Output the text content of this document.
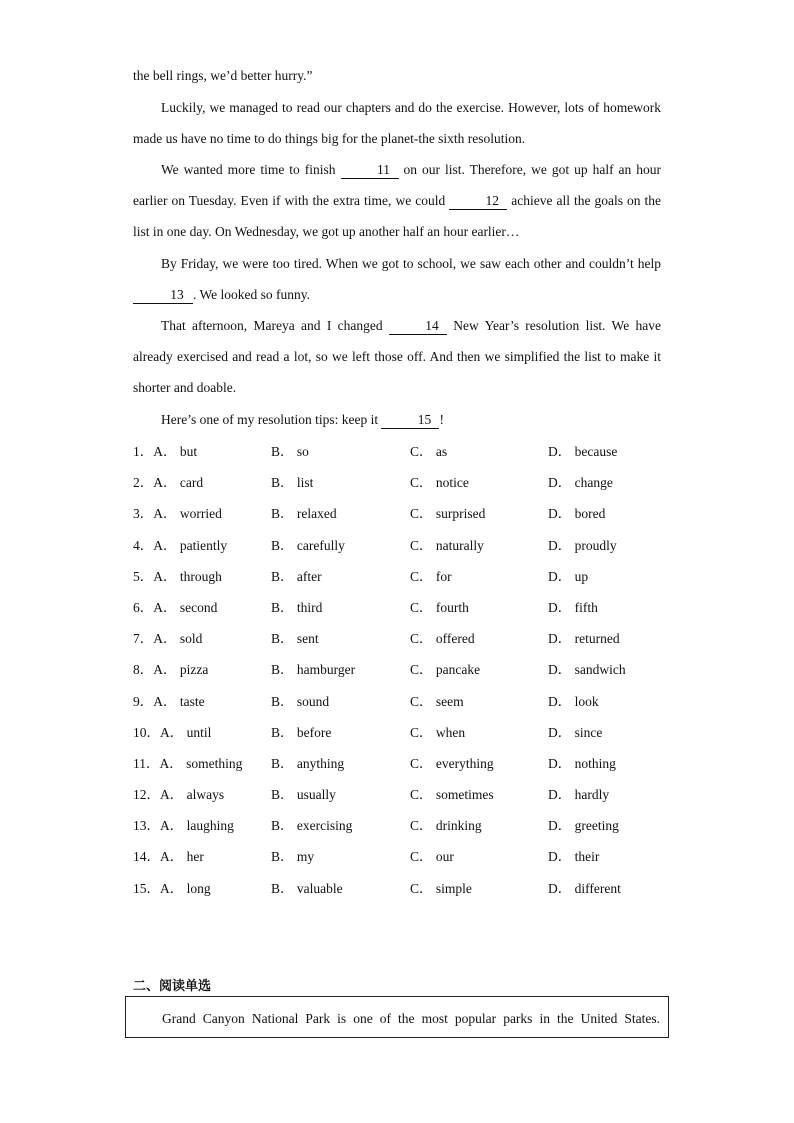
the bell rings, we’d better hurry.”
Luckily, we managed to read our chapters and do the exercise. However, lots of homework made us have no time to do things big for the planet-the sixth resolution.
We wanted more time to finish	11 on our list. Therefore, we got up half an hour earlier on Tuesday. Even if with the extra time, we could	12 achieve all the goals on the list in one day. On Wednesday, we got up another half an hour earlier…
By Friday, we were too tired. When we got to school, we saw each other and couldn’t help 13 . We looked so funny.
That afternoon, Mareya and I changed	14 New Year’s resolution list. We have already exercised and read a lot, so we left those off. And then we simplified the list to make it shorter and doable.
Here’s one of my resolution tips: keep it	15 !
1．A． but	B． so	C． as	D． because
2．A． card	B． list	C． notice	D． change
3．A． worried	B． relaxed	C． surprised	D． bored
4．A． patiently	B． carefully	C． naturally	D． proudly
5．A． through	B． after	C． for	D． up
6．A． second	B． third	C． fourth	D． fifth
7．A． sold	B． sent	C． offered	D． returned
8．A． pizza	B． hamburger	C． pancake	D． sandwich
9．A． taste	B． sound	C． seem	D． look
10．A． until	B． before	C． when	D． since
11．A． something B． anything	C． everything	D． nothing
12．A． always	B． usually	C． sometimes	D． hardly
13．A． laughing	B． exercising	C． drinking	D． greeting
14．A． her	B． my	C． our	D． their
15．A． long	B． valuable	C． simple	D． different
二、阅读单选

Grand Canyon National Park is one of the most popular parks in the United States.
